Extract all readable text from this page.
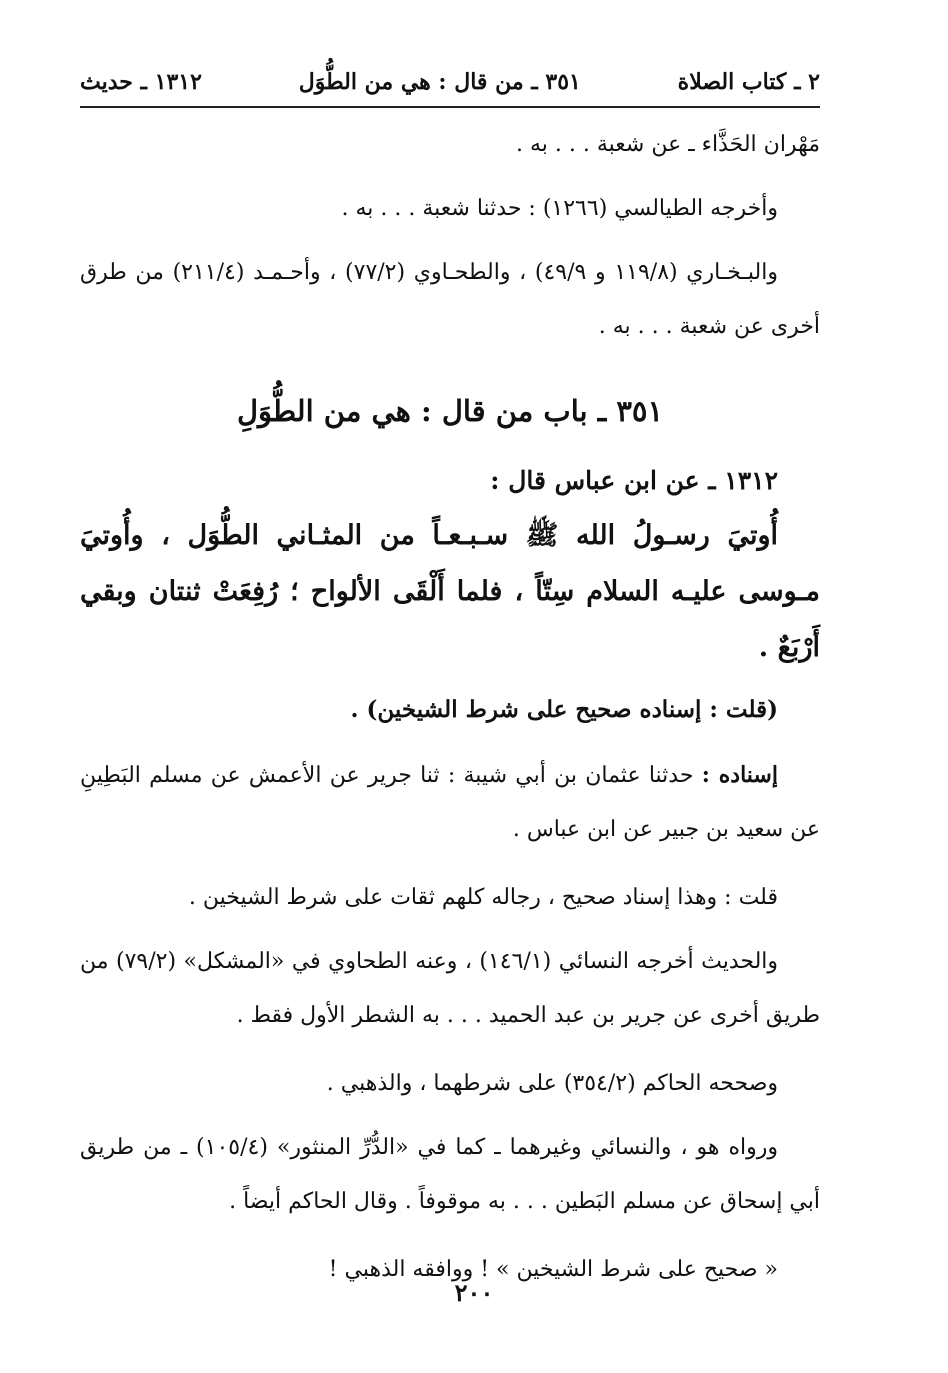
٢ ـ كتاب الصلاة
٣٥١ ـ من قال : هي من الطُّوَل
١٣١٢ ـ حديث

مَهْران الحَذَّاء ـ عن شعبة . . . به .

وأخرجه الطيالسي (١٢٦٦) : حدثنا شعبة . . . به .

والبـخـاري (١١٩/٨ و ٤٩/٩) ، والطحـاوي (٧٧/٢) ، وأحـمـد (٢١١/٤) من طرق أخرى عن شعبة . . . به .

٣٥١ ـ باب من قال : هي من الطُّوَلِ

١٣١٢ ـ عن ابن عباس قال :

أُوتيَ رسـولُ الله ﷺ سـبـعـاً من المثـاني الطُّوَل ، وأُوتيَ مـوسى عليـه السلام سِتّاً ، فلما أَلْقَى الألواح ؛ رُفِعَتْ ثنتان وبقي أَرْبَعٌ .

(قلت : إسناده صحيح على شرط الشيخين) .

إسناده : حدثنا عثمان بن أبي شيبة : ثنا جرير عن الأعمش عن مسلم البَطِينِ عن سعيد بن جبير عن ابن عباس .

قلت : وهذا إسناد صحيح ، رجاله كلهم ثقات على شرط الشيخين .

والحديث أخرجه النسائي (١٤٦/١) ، وعنه الطحاوي في «المشكل» (٧٩/٢) من طريق أخرى عن جرير بن عبد الحميد . . . به الشطر الأول فقط .

وصححه الحاكم (٣٥٤/٢) على شرطهما ، والذهبي .

ورواه هو ، والنسائي وغيرهما ـ كما في «الدُّرِّ المنثور» (١٠٥/٤) ـ من طريق أبي إسحاق عن مسلم البَطين . . . به موقوفاً . وقال الحاكم أيضاً .

« صحيح على شرط الشيخين » ! ووافقه الذهبي !

٢٠٠
